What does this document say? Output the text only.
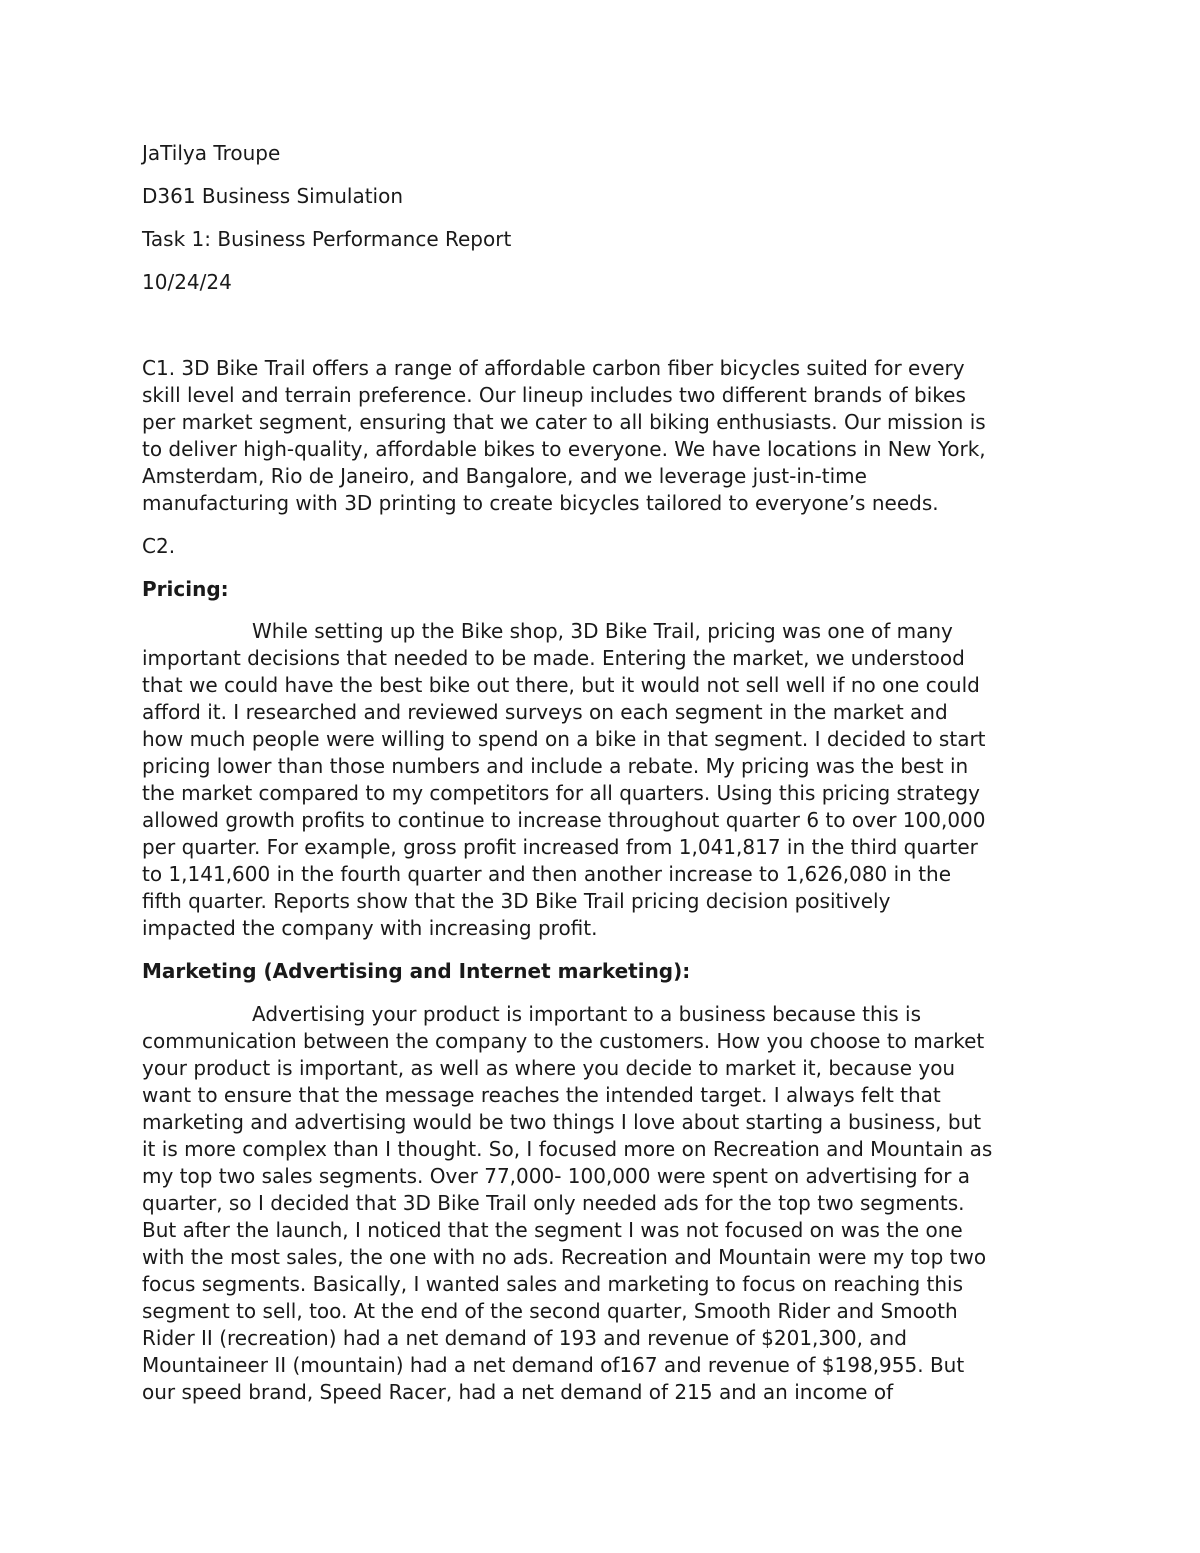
JaTilya Troupe

D361 Business Simulation

Task 1: Business Performance Report

10/24/24

C1. 3D Bike Trail offers a range of affordable carbon fiber bicycles suited for every

skill level and terrain preference. Our lineup includes two different brands of bikes

per market segment, ensuring that we cater to all biking enthusiasts. Our mission is

to deliver high-quality, affordable bikes to everyone. We have locations in New York,

Amsterdam, Rio de Janeiro, and Bangalore, and we leverage just-in-time

manufacturing with 3D printing to create bicycles tailored to everyone’s needs.

C2.

Pricing:

While setting up the Bike shop, 3D Bike Trail, pricing was one of many

important decisions that needed to be made. Entering the market, we understood

that we could have the best bike out there, but it would not sell well if no one could

afford it. I researched and reviewed surveys on each segment in the market and

how much people were willing to spend on a bike in that segment. I decided to start

pricing lower than those numbers and include a rebate. My pricing was the best in

the market compared to my competitors for all quarters. Using this pricing strategy

allowed growth profits to continue to increase throughout quarter 6 to over 100,000

per quarter. For example, gross profit increased from 1,041,817 in the third quarter

to 1,141,600 in the fourth quarter and then another increase to 1,626,080 in the

fifth quarter. Reports show that the 3D Bike Trail pricing decision positively

impacted the company with increasing profit.

Marketing (Advertising and Internet marketing):

Advertising your product is important to a business because this is

communication between the company to the customers. How you choose to market

your product is important, as well as where you decide to market it, because you

want to ensure that the message reaches the intended target. I always felt that

marketing and advertising would be two things I love about starting a business, but

it is more complex than I thought. So, I focused more on Recreation and Mountain as

my top two sales segments. Over 77,000- 100,000 were spent on advertising for a

quarter, so I decided that 3D Bike Trail only needed ads for the top two segments.

But after the launch, I noticed that the segment I was not focused on was the one

with the most sales, the one with no ads. Recreation and Mountain were my top two

focus segments. Basically, I wanted sales and marketing to focus on reaching this

segment to sell, too. At the end of the second quarter, Smooth Rider and Smooth

Rider II (recreation) had a net demand of 193 and revenue of $201,300, and

Mountaineer II (mountain) had a net demand of167 and revenue of $198,955. But

our speed brand, Speed Racer, had a net demand of 215 and an income of
